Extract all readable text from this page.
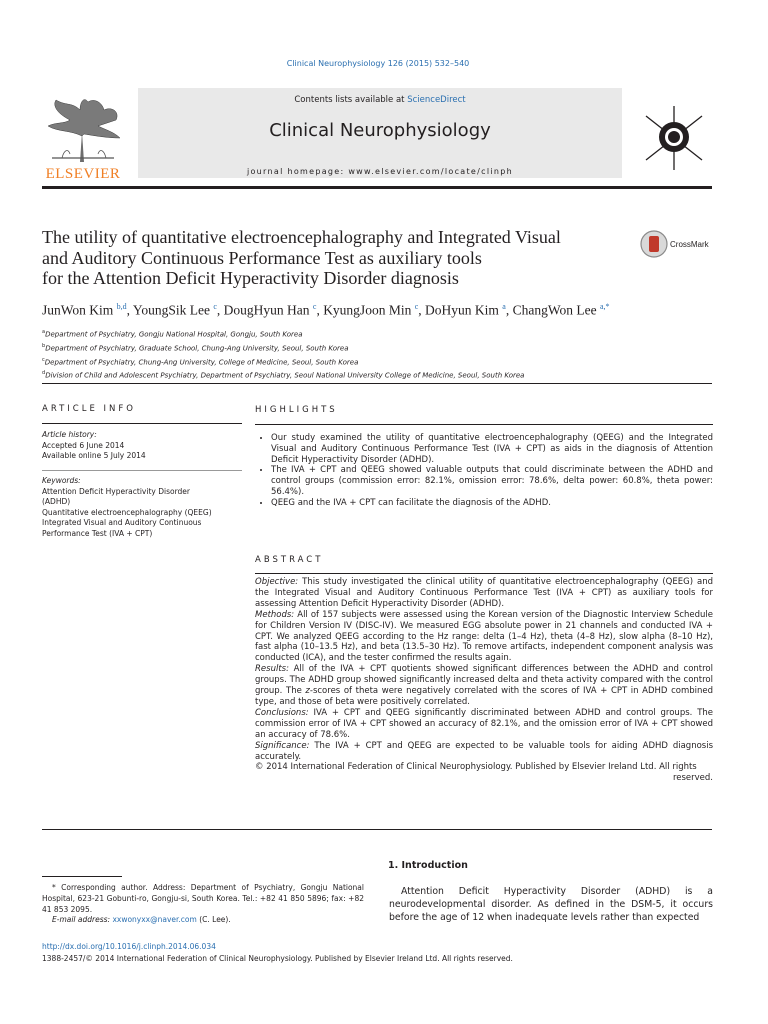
Clinical Neurophysiology 126 (2015) 532–540
ELSEVIER
Contents lists available at ScienceDirect
Clinical Neurophysiology
journal homepage: www.elsevier.com/locate/clinph
The utility of quantitative electroencephalography and Integrated Visual
and Auditory Continuous Performance Test as auxiliary tools
for the Attention Deficit Hyperactivity Disorder diagnosis
CrossMark
JunWon Kim $^{b,d}$, YoungSik Lee $^c$, DougHyun Han $^c$, KyungJoon Min $^c$, DoHyun Kim $^a$, ChangWon Lee $^{a,*}$
$^a$Department of Psychiatry, Gongju National Hospital, Gongju, South Korea
$^b$Department of Psychiatry, Graduate School, Chung-Ang University, Seoul, South Korea
$^c$Department of Psychiatry, Chung-Ang University, College of Medicine, Seoul, South Korea
$^d$Division of Child and Adolescent Psychiatry, Department of Psychiatry, Seoul National University College of Medicine, Seoul, South Korea
ARTICLE INFO
Article history:
Accepted 6 June 2014
Available online 5 July 2014
Keywords:
Attention Deficit Hyperactivity Disorder (ADHD)
Quantitative electroencephalography (QEEG)
Integrated Visual and Auditory Continuous Performance Test (IVA + CPT)
HIGHLIGHTS
• Our study examined the utility of quantitative electroencephalography (QEEG) and the Integrated Visual and Auditory Continuous Performance Test (IVA + CPT) as aids in the diagnosis of Attention Deficit Hyperactivity Disorder (ADHD).
• The IVA + CPT and QEEG showed valuable outputs that could discriminate between the ADHD and control groups (commission error: 82.1%, omission error: 78.6%, delta power: 60.8%, theta power: 56.4%).
• QEEG and the IVA + CPT can facilitate the diagnosis of the ADHD.
ABSTRACT

Objective: This study investigated the clinical utility of quantitative electroencephalography (QEEG) and the Integrated Visual and Auditory Continuous Performance Test (IVA + CPT) as auxiliary tools for assessing Attention Deficit Hyperactivity Disorder (ADHD).

Methods: All of 157 subjects were assessed using the Korean version of the Diagnostic Interview Schedule for Children Version IV (DISC-IV). We measured EGG absolute power in 21 channels and conducted IVA + CPT. We analyzed QEEG according to the Hz range: delta (1–4 Hz), theta (4–8 Hz), slow alpha (8–10 Hz), fast alpha (10–13.5 Hz), and beta (13.5–30 Hz). To remove artifacts, independent component analysis was conducted (ICA), and the tester confirmed the results again.

Results: All of the IVA + CPT quotients showed significant differences between the ADHD and control groups. The ADHD group showed significantly increased delta and theta activity compared with the control group. The z-scores of theta were negatively correlated with the scores of IVA + CPT in ADHD combined type, and those of beta were positively correlated.

Conclusions: IVA + CPT and QEEG significantly discriminated between ADHD and control groups. The commission error of IVA + CPT showed an accuracy of 82.1%, and the omission error of IVA + CPT showed an accuracy of 78.6%.

Significance: The IVA + CPT and QEEG are expected to be valuable tools for aiding ADHD diagnosis accurately.

© 2014 International Federation of Clinical Neurophysiology. Published by Elsevier Ireland Ltd. All rights

reserved.

1. Introduction
Attention Deficit Hyperactivity Disorder (ADHD) is a neurodevelopmental disorder. As defined in the DSM-5, it occurs before the age of 12 when inadequate levels rather than expected
* Corresponding author. Address: Department of Psychiatry, Gongju National Hospital, 623-21 Gobunti-ro, Gongju-si, South Korea. Tel.: +82 41 850 5896; fax: +82 41 853 2095.
E-mail address: xxwonyxx@naver.com (C. Lee).
http://dx.doi.org/10.1016/j.clinph.2014.06.034
1388-2457/© 2014 International Federation of Clinical Neurophysiology. Published by Elsevier Ireland Ltd. All rights reserved.
